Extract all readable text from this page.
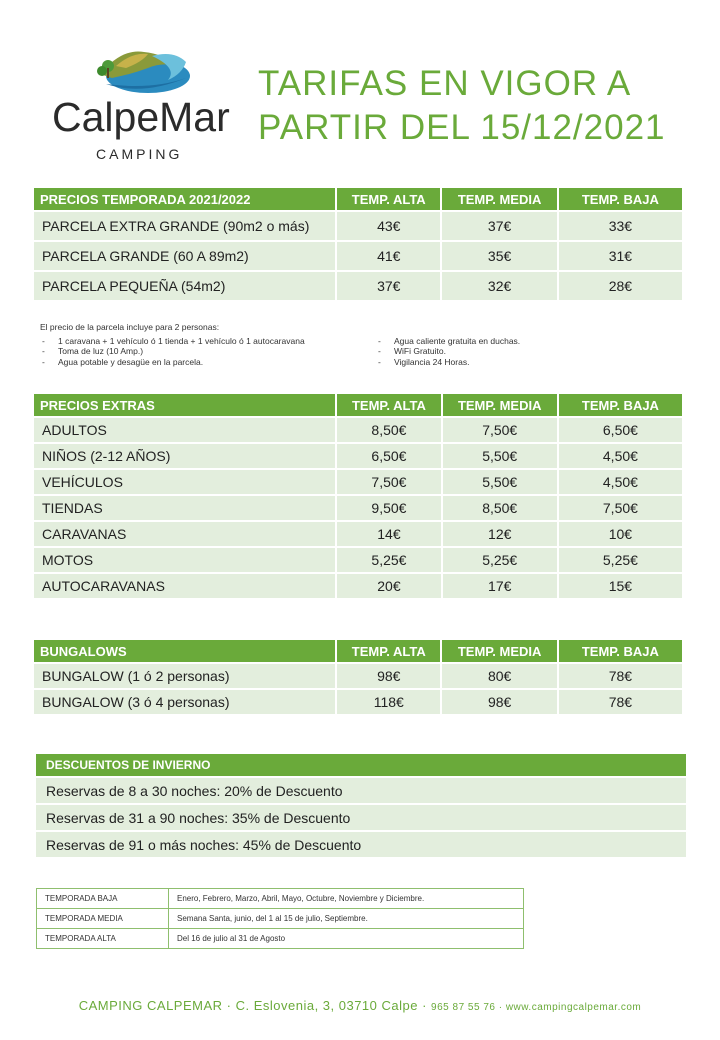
CalpeMar
CAMPING
TARIFAS EN VIGOR A
PARTIR DEL 15/12/2021
PRECIOS TEMPORADA 2021/2022	TEMP. ALTA	TEMP. MEDIA	TEMP. BAJA
PARCELA EXTRA GRANDE (90m2 o más)	43€	37€	33€
PARCELA GRANDE (60 A 89m2)	41€	35€	31€
PARCELA PEQUEÑA (54m2)	37€	32€	28€
El precio de la parcela incluye para 2 personas:
- 1 caravana + 1 vehículo ó 1 tienda + 1 vehículo ó 1 autocaravana
- Toma de luz (10 Amp.)
- Agua potable y desagüe en la parcela.
- Agua caliente gratuita en duchas.
- WiFi Gratuito.
- Vigilancia 24 Horas.
PRECIOS EXTRAS	TEMP. ALTA	TEMP. MEDIA	TEMP. BAJA
ADULTOS	8,50€	7,50€	6,50€
NIÑOS (2-12 AÑOS)	6,50€	5,50€	4,50€
VEHÍCULOS	7,50€	5,50€	4,50€
TIENDAS	9,50€	8,50€	7,50€
CARAVANAS	14€	12€	10€
MOTOS	5,25€	5,25€	5,25€
AUTOCARAVANAS	20€	17€	15€
BUNGALOWS	TEMP. ALTA	TEMP. MEDIA	TEMP. BAJA
BUNGALOW (1 ó 2 personas)	98€	80€	78€
BUNGALOW (3 ó 4 personas)	118€	98€	78€
DESCUENTOS DE INVIERNO
Reservas de 8 a 30 noches: 20% de Descuento
Reservas de 31 a 90 noches: 35% de Descuento
Reservas de 91 o más noches: 45% de Descuento
TEMPORADA BAJA	Enero, Febrero, Marzo, Abril, Mayo, Octubre, Noviembre y Diciembre.
TEMPORADA MEDIA	Semana Santa, junio, del 1 al 15 de julio, Septiembre.
TEMPORADA ALTA	Del 16 de julio al 31 de Agosto
CAMPING CALPEMAR · C. Eslovenia, 3, 03710 Calpe · 965 87 55 76 · www.campingcalpemar.com
